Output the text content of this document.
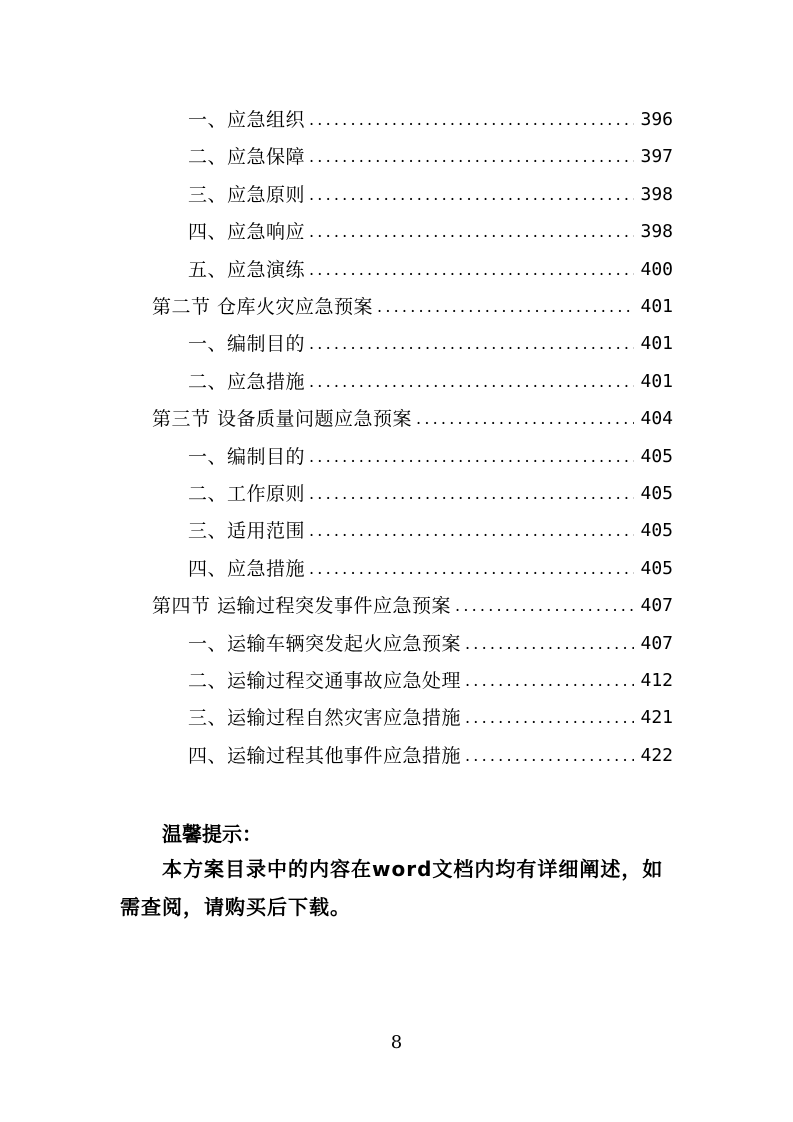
一、应急组织 .....	396
二、应急保障 .....	397
三、应急原则 .....	398
四、应急响应 .....	398
五、应急演练 .....	400
第二节 仓库火灾应急预案 .....	401
一、编制目的 .....	401
二、应急措施 .....	401
第三节 设备质量问题应急预案 .....	404
一、编制目的 .....	405
二、工作原则 .....	405
三、适用范围 .....	405
四、应急措施 .....	405
第四节 运输过程突发事件应急预案 .....	407
一、运输车辆突发起火应急预案 .....	407
二、运输过程交通事故应急处理 .....	412
三、运输过程自然灾害应急措施 .....	421
四、运输过程其他事件应急措施 .....	422
温馨提示：
本方案目录中的内容在word文档内均有详细阐述，如需查阅，请购买后下载。
8
